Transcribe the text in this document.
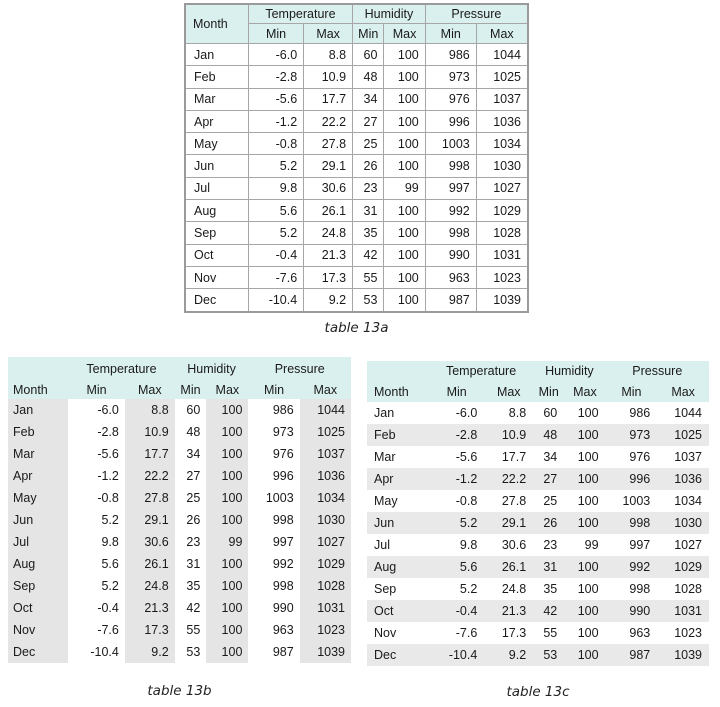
Month	Temperature		Humidity		Pressure	
	Min	Max	Min	Max	Min	Max
Jan	-6.0	8.8	60	100	986	1044
Feb	-2.8	10.9	48	100	973	1025
Mar	-5.6	17.7	34	100	976	1037
Apr	-1.2	22.2	27	100	996	1036
May	-0.8	27.8	25	100	1003	1034
Jun	5.2	29.1	26	100	998	1030
Jul	9.8	30.6	23	99	997	1027
Aug	5.6	26.1	31	100	992	1029
Sep	5.2	24.8	35	100	998	1028
Oct	-0.4	21.3	42	100	990	1031
Nov	-7.6	17.3	55	100	963	1023
Dec	-10.4	9.2	53	100	987	1039
table 13a
Month	Temperature		Humidity		Pressure	
	Min	Max	Min	Max	Min	Max
Jan	-6.0	8.8	60	100	986	1044
Feb	-2.8	10.9	48	100	973	1025
Mar	-5.6	17.7	34	100	976	1037
Apr	-1.2	22.2	27	100	996	1036
May	-0.8	27.8	25	100	1003	1034
Jun	5.2	29.1	26	100	998	1030
Jul	9.8	30.6	23	99	997	1027
Aug	5.6	26.1	31	100	992	1029
Sep	5.2	24.8	35	100	998	1028
Oct	-0.4	21.3	42	100	990	1031
Nov	-7.6	17.3	55	100	963	1023
Dec	-10.4	9.2	53	100	987	1039
table 13b
Month	Temperature		Humidity		Pressure	
	Min	Max	Min	Max	Min	Max
Jan	-6.0	8.8	60	100	986	1044
Feb	-2.8	10.9	48	100	973	1025
Mar	-5.6	17.7	34	100	976	1037
Apr	-1.2	22.2	27	100	996	1036
May	-0.8	27.8	25	100	1003	1034
Jun	5.2	29.1	26	100	998	1030
Jul	9.8	30.6	23	99	997	1027
Aug	5.6	26.1	31	100	992	1029
Sep	5.2	24.8	35	100	998	1028
Oct	-0.4	21.3	42	100	990	1031
Nov	-7.6	17.3	55	100	963	1023
Dec	-10.4	9.2	53	100	987	1039
table 13c
